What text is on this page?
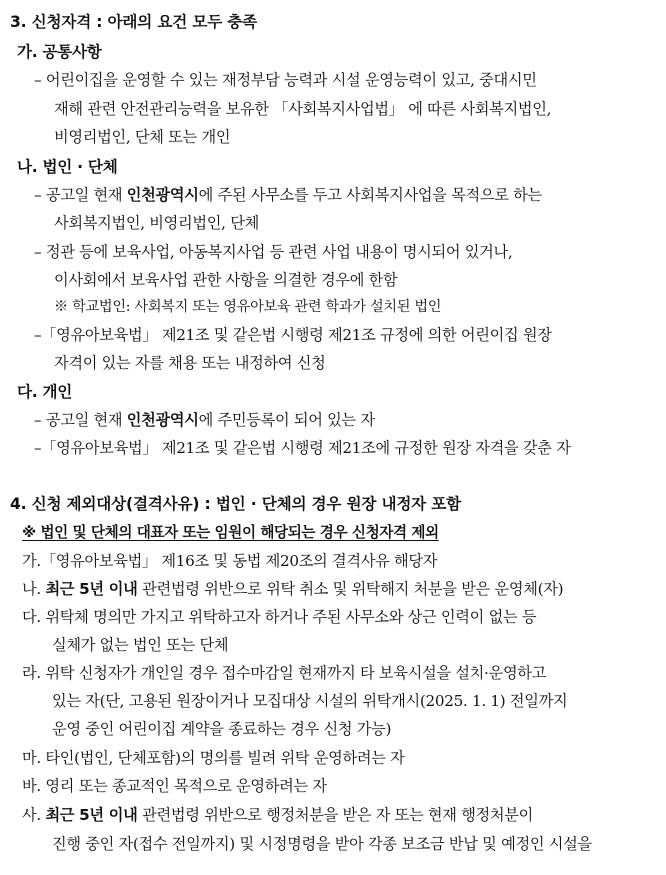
3. 신청자격 : 아래의 요건 모두 충족
가. 공통사항
– 어린이집을 운영할 수 있는 재정부담 능력과 시설 운영능력이 있고, 중대시민
재해 관련 안전관리능력을 보유한 「사회복지사업법」 에 따른 사회복지법인,
비영리법인, 단체 또는 개인
나. 법인 · 단체
– 공고일 현재 인천광역시에 주된 사무소를 두고 사회복지사업을 목적으로 하는
사회복지법인, 비영리법인, 단체
– 정관 등에 보육사업, 아동복지사업 등 관련 사업 내용이 명시되어 있거나,
이사회에서 보육사업 관한 사항을 의결한 경우에 한함
※ 학교법인: 사회복지 또는 영유아보육 관련 학과가 설치된 법인
–「영유아보육법」 제21조 및 같은법 시행령 제21조 규정에 의한 어린이집 원장
자격이 있는 자를 채용 또는 내정하여 신청
다. 개인
– 공고일 현재 인천광역시에 주민등록이 되어 있는 자
–「영유아보육법」 제21조 및 같은법 시행령 제21조에 규정한 원장 자격을 갖춘 자
4. 신청 제외대상(결격사유) : 법인 · 단체의 경우 원장 내정자 포함
※ 법인 및 단체의 대표자 또는 임원이 해당되는 경우 신청자격 제외
가.「영유아보육법」 제16조 및 동법 제20조의 결격사유 해당자
나. 최근 5년 이내 관련법령 위반으로 위탁 취소 및 위탁해지 처분을 받은 운영체(자)
다. 위탁체 명의만 가지고 위탁하고자 하거나 주된 사무소와 상근 인력이 없는 등
실체가 없는 법인 또는 단체
라. 위탁 신청자가 개인일 경우 접수마감일 현재까지 타 보육시설을 설치·운영하고
있는 자(단, 고용된 원장이거나 모집대상 시설의 위탁개시(2025. 1. 1) 전일까지
운영 중인 어린이집 계약을 종료하는 경우 신청 가능)
마. 타인(법인, 단체포함)의 명의를 빌려 위탁 운영하려는 자
바. 영리 또는 종교적인 목적으로 운영하려는 자
사. 최근 5년 이내 관련법령 위반으로 행정처분을 받은 자 또는 현재 행정처분이
진행 중인 자(접수 전일까지) 및 시정명령을 받아 각종 보조금 반납 및 예정인 시설을
